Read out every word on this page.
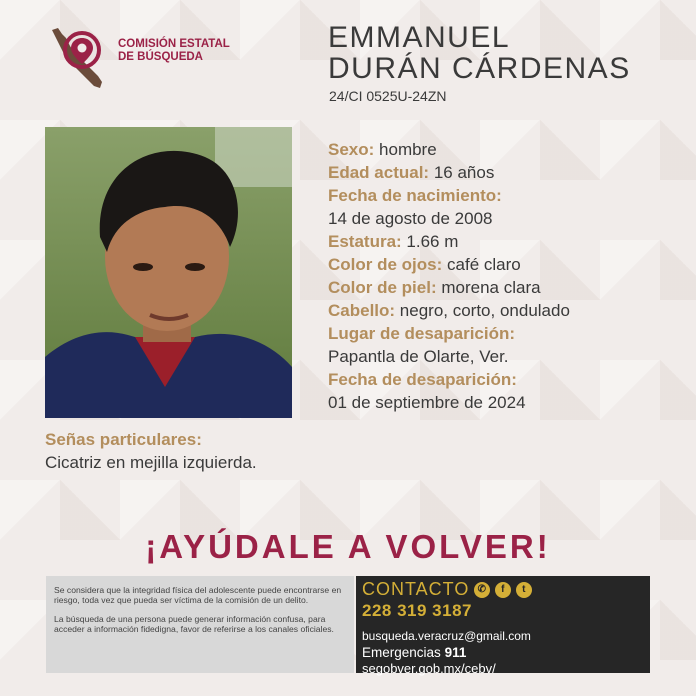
COMISIÓN ESTATAL
DE BÚSQUEDA
EMMANUEL
DURÁN CÁRDENAS
24/CI 0525U-24ZN
Sexo: hombre
Edad actual: 16 años
Fecha de nacimiento:
14 de agosto de 2008
Estatura: 1.66 m
Color de ojos: café claro
Color de piel: morena clara
Cabello: negro, corto, ondulado
Lugar de desaparición:
Papantla de Olarte, Ver.
Fecha de desaparición:
01 de septiembre de 2024
Señas particulares:
Cicatriz en mejilla izquierda.
¡AYÚDALE A VOLVER!

Se considera que la integridad física del adolescente puede encontrarse en riesgo, toda vez que pueda ser víctima de la comisión de un delito.

La búsqueda de una persona puede generar información confusa, para acceder a información fidedigna, favor de referirse a los canales oficiales.

CONTACTO ✆	f	t
228 319 3187
busqueda.veracruz@gmail.com
Emergencias 911
segobver.gob.mx/cebv/
